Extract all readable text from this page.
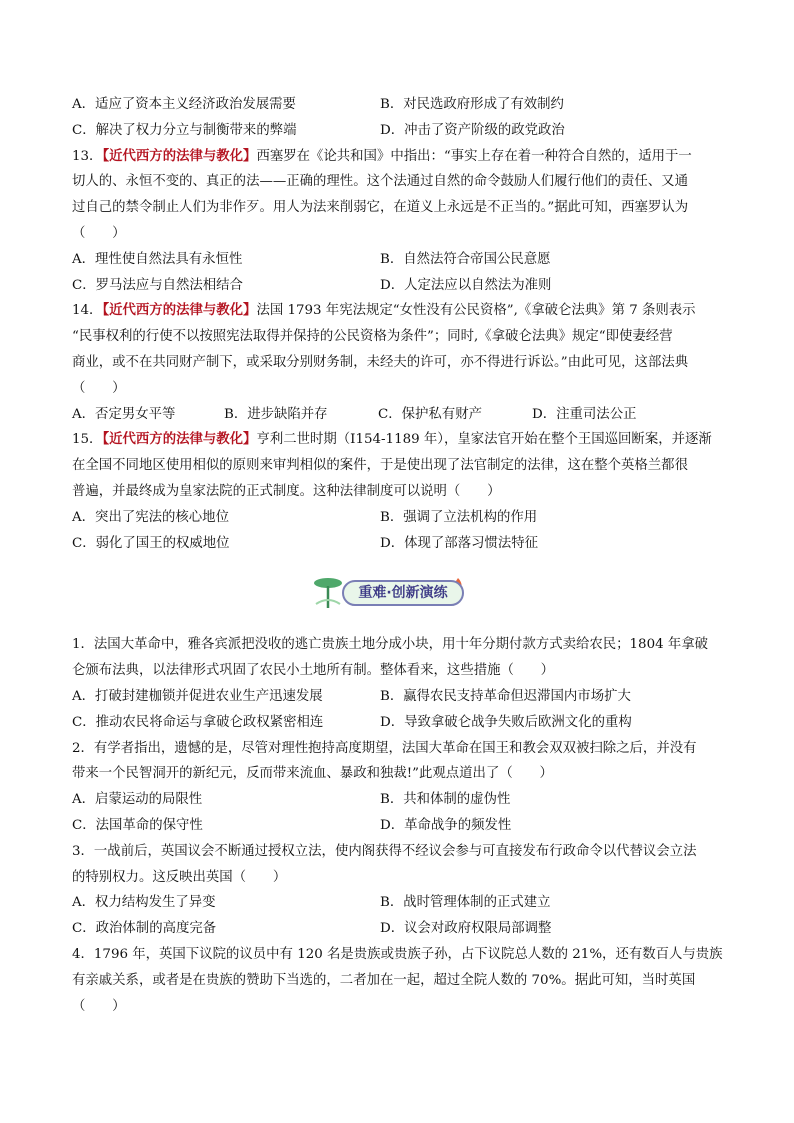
A．适应了资本主义经济政治发展需要	B．对民选政府形成了有效制约
C．解决了权力分立与制衡带来的弊端	D．冲击了资产阶级的政党政治
13．【近代西方的法律与教化】西塞罗在《论共和国》中指出：“事实上存在着一种符合自然的，适用于一
切人的、永恒不变的、真正的法——正确的理性。这个法通过自然的命令鼓励人们履行他们的责任、又通
过自己的禁令制止人们为非作歹。用人为法来削弱它，在道义上永远是不正当的。”据此可知，西塞罗认为
（　　）
A．理性使自然法具有永恒性	B．自然法符合帝国公民意愿
C．罗马法应与自然法相结合	D．人定法应以自然法为准则
14．【近代西方的法律与教化】法国 1793 年宪法规定“女性没有公民资格”,《拿破仑法典》第 7 条则表示
“民事权利的行使不以按照宪法取得并保持的公民资格为条件”；同时,《拿破仑法典》规定“即使妻经营
商业，或不在共同财产制下，或采取分别财务制，未经夫的许可，亦不得进行诉讼。”由此可见，这部法典
（　　）
A．否定男女平等	B．进步缺陷并存	C．保护私有财产	D．注重司法公正
15．【近代西方的法律与教化】亨利二世时期（I154-1189 年），皇家法官开始在整个王国巡回断案，并逐渐
在全国不同地区使用相似的原则来审判相似的案件，于是使出现了法官制定的法律，这在整个英格兰都很
普遍，并最终成为皇家法院的正式制度。这种法律制度可以说明（　　）
A．突出了宪法的核心地位	B．强调了立法机构的作用
C．弱化了国王的权威地位	D．体现了部落习惯法特征
重难·创新演练
1．法国大革命中，雅各宾派把没收的逃亡贵族土地分成小块，用十年分期付款方式卖给农民；1804 年拿破
仑颁布法典，以法律形式巩固了农民小土地所有制。整体看来，这些措施（　　）
A．打破封建枷锁并促进农业生产迅速发展	B．赢得农民支持革命但迟滞国内市场扩大
C．推动农民将命运与拿破仑政权紧密相连	D．导致拿破仑战争失败后欧洲文化的重构
2．有学者指出，遗憾的是，尽管对理性抱持高度期望，法国大革命在国王和教会双双被扫除之后，并没有
带来一个民智洞开的新纪元，反而带来流血、暴政和独裁!”此观点道出了（　　）
A．启蒙运动的局限性	B．共和体制的虚伪性
C．法国革命的保守性	D．革命战争的频发性
3．一战前后，英国议会不断通过授权立法，使内阁获得不经议会参与可直接发布行政命令以代替议会立法
的特别权力。这反映出英国（　　）
A．权力结构发生了异变	B．战时管理体制的正式建立
C．政治体制的高度完备	D．议会对政府权限局部调整
4．1796 年，英国下议院的议员中有 120 名是贵族或贵族子孙，占下议院总人数的 21%，还有数百人与贵族
有亲戚关系，或者是在贵族的赞助下当选的，二者加在一起，超过全院人数的 70%。据此可知，当时英国
（　　）
